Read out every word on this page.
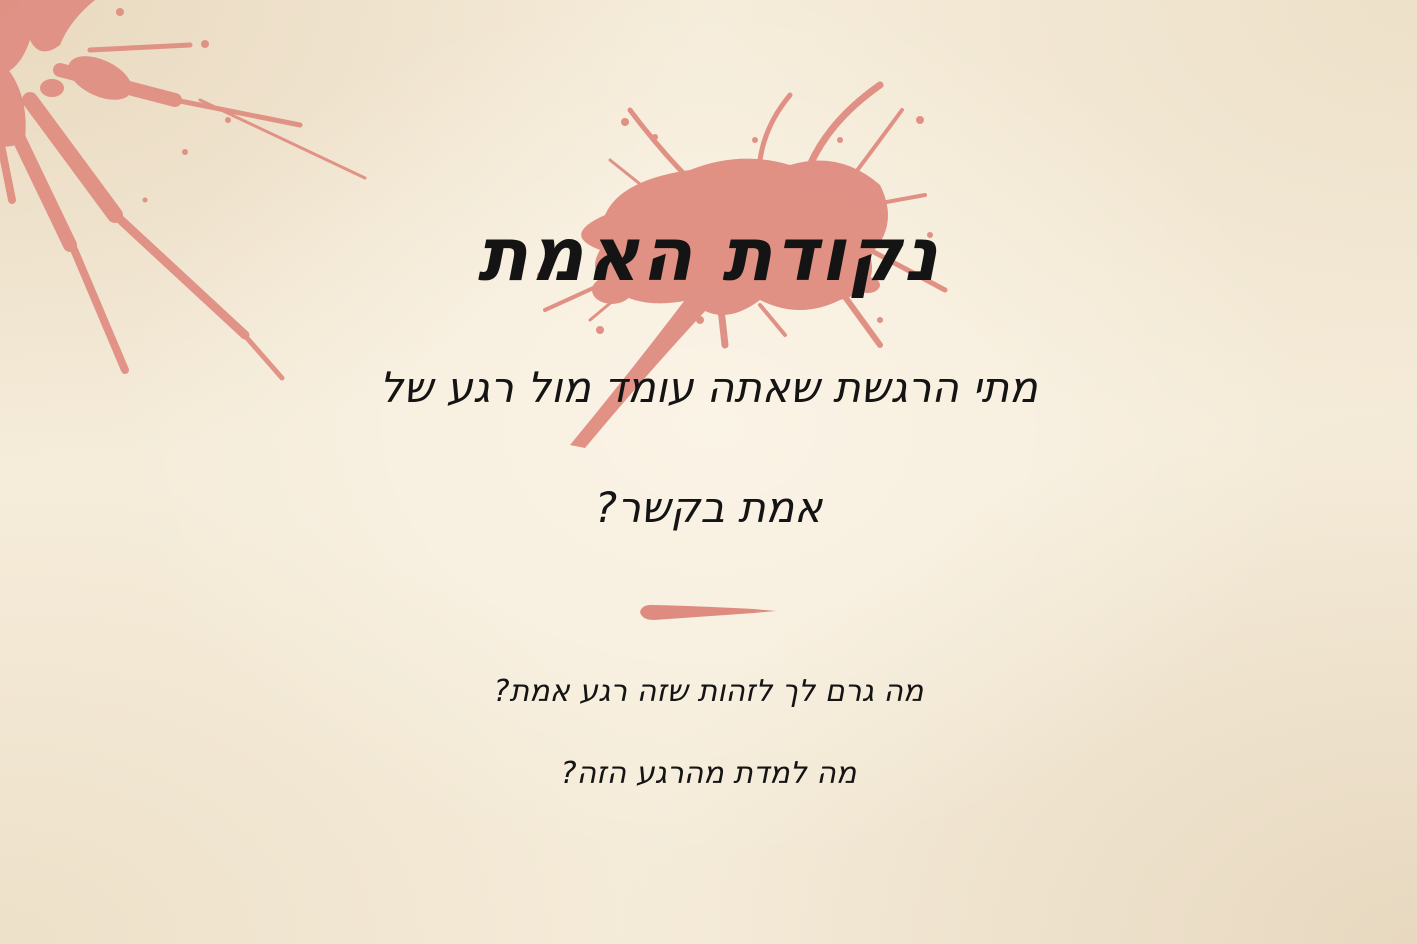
נקודת האמת

מתי הרגשת שאתה עומד מול רגע של

אמת בקשר?

מה גרם לך לזהות שזה רגע אמת?

מה למדת מהרגע הזה?
